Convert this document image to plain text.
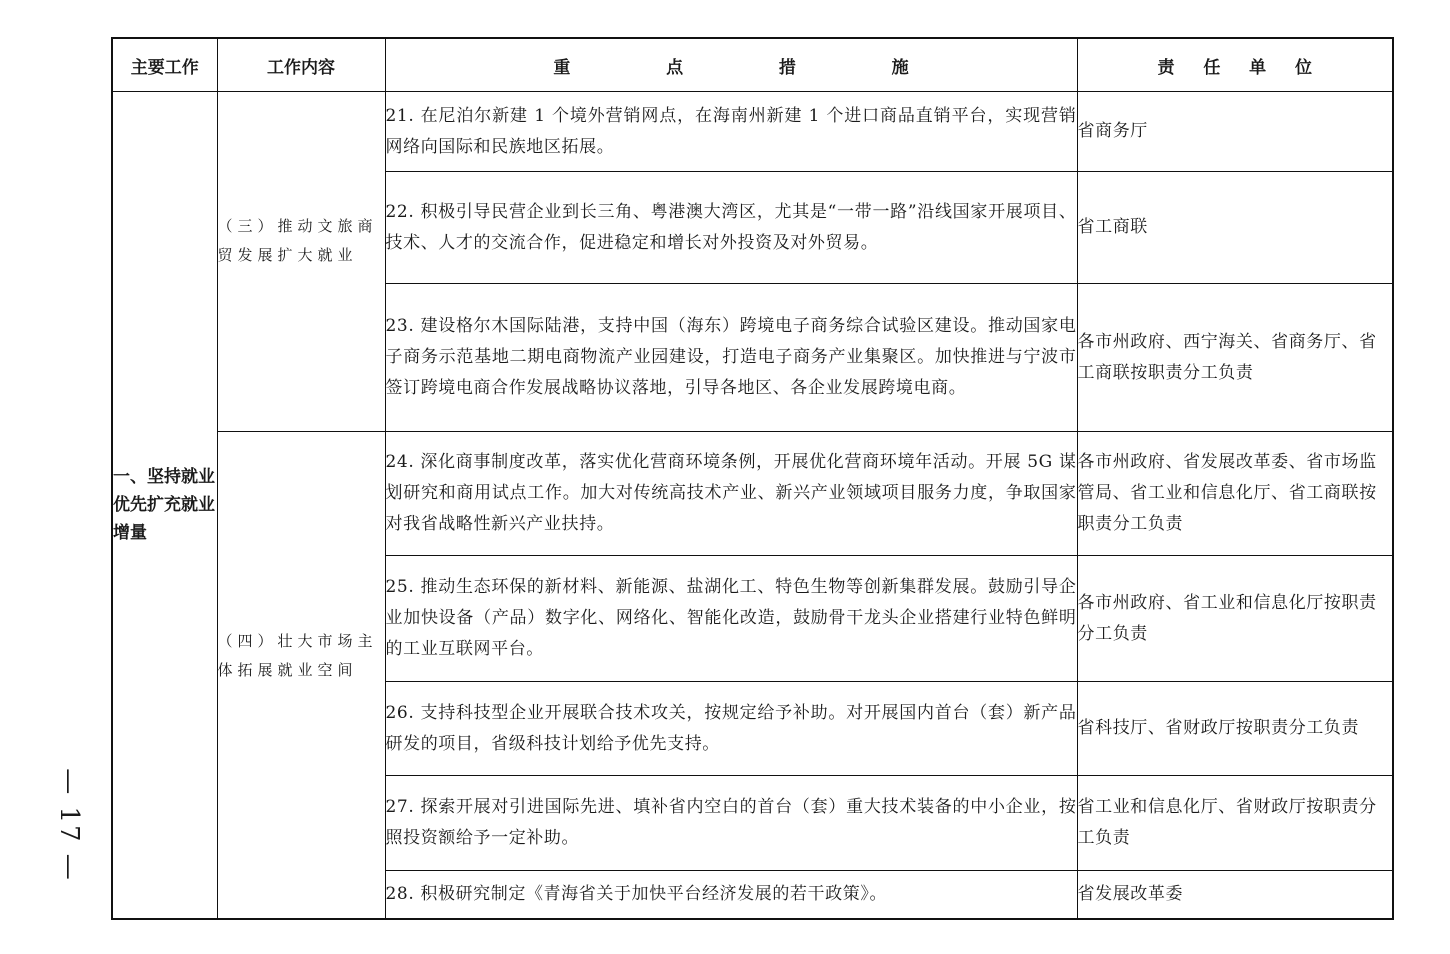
— 17 —
主要工作	工作内容	重 点 措 施	责 任 单 位

一、坚持就业优先扩充就业增量	（三）推动文旅商贸发展扩大就业	21. 在尼泊尔新建 1 个境外营销网点，在海南州新建 1 个进口商品直销平台，实现营销网络向国际和民族地区拓展。	省商务厅
		22. 积极引导民营企业到长三角、粤港澳大湾区，尤其是“一带一路”沿线国家开展项目、技术、人才的交流合作，促进稳定和增长对外投资及对外贸易。	省工商联
		23. 建设格尔木国际陆港，支持中国（海东）跨境电子商务综合试验区建设。推动国家电子商务示范基地二期电商物流产业园建设，打造电子商务产业集聚区。加快推进与宁波市签订跨境电商合作发展战略协议落地，引导各地区、各企业发展跨境电商。	各市州政府、西宁海关、省商务厅、省工商联按职责分工负责

	（四）壮大市场主体拓展就业空间	24. 深化商事制度改革，落实优化营商环境条例，开展优化营商环境年活动。开展 5G 谋划研究和商用试点工作。加大对传统高技术产业、新兴产业领域项目服务力度，争取国家对我省战略性新兴产业扶持。	各市州政府、省发展改革委、省市场监管局、省工业和信息化厅、省工商联按职责分工负责
		25. 推动生态环保的新材料、新能源、盐湖化工、特色生物等创新集群发展。鼓励引导企业加快设备（产品）数字化、网络化、智能化改造，鼓励骨干龙头企业搭建行业特色鲜明的工业互联网平台。	各市州政府、省工业和信息化厅按职责分工负责
		26. 支持科技型企业开展联合技术攻关，按规定给予补助。对开展国内首台（套）新产品研发的项目，省级科技计划给予优先支持。	省科技厅、省财政厅按职责分工负责
		27. 探索开展对引进国际先进、填补省内空白的首台（套）重大技术装备的中小企业，按照投资额给予一定补助。	省工业和信息化厅、省财政厅按职责分工负责
		28. 积极研究制定《青海省关于加快平台经济发展的若干政策》。	省发展改革委
